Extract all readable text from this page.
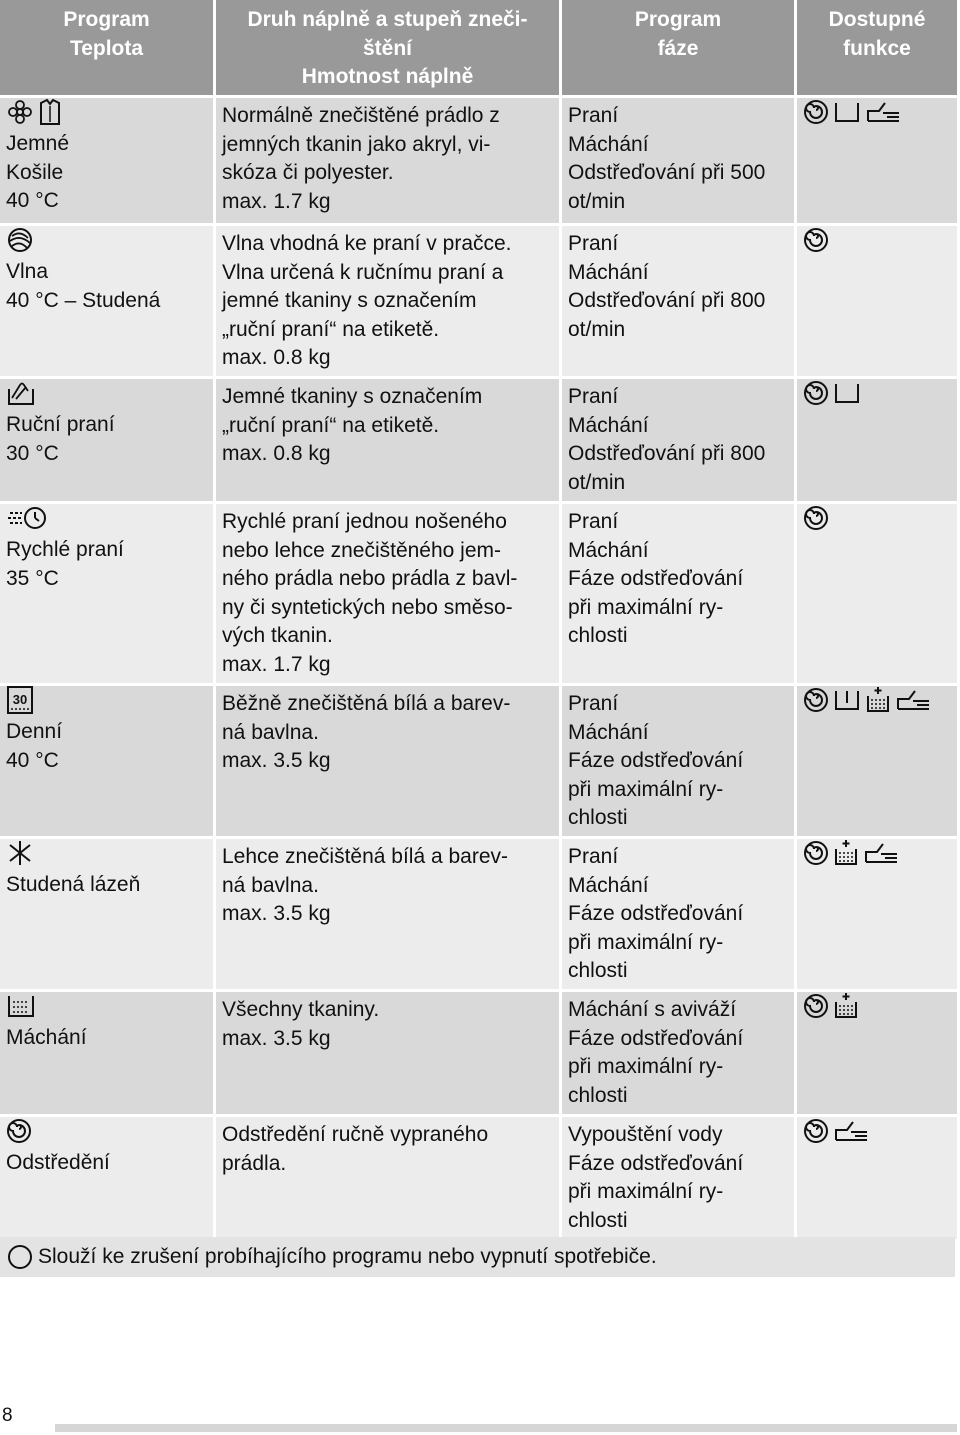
Program
Teplota
Druh náplně a stupeň zneči-
štění
Hmotnost náplně
Program
fáze
Dostupné
funkce
Jemné
Košile
40 °C
Normálně znečištěné prádlo z
jemných tkanin jako akryl, vi-
skóza či polyester.
max. 1.7 kg
Praní
Máchání
Odstřeďování při 500
ot/min
Vlna
40 °C – Studená
Vlna vhodná ke praní v pračce.
Vlna určená k ručnímu praní a
jemné tkaniny s označením
„ruční praní“ na etiketě.
max. 0.8 kg
Praní
Máchání
Odstřeďování při 800
ot/min
Ruční praní
30 °C
Jemné tkaniny s označením
„ruční praní“ na etiketě.
max. 0.8 kg
Praní
Máchání
Odstřeďování při 800
ot/min
Rychlé praní
35 °C
Rychlé praní jednou nošeného
nebo lehce znečištěného jem-
ného prádla nebo prádla z bavl-
ny či syntetických nebo směso-
vých tkanin.
max. 1.7 kg
Praní
Máchání
Fáze odstřeďování
při maximální ry-
chlosti
30
Denní
40 °C
Běžně znečištěná bílá a barev-
ná bavlna.
max. 3.5 kg
Praní
Máchání
Fáze odstřeďování
při maximální ry-
chlosti
Studená lázeň
Lehce znečištěná bílá a barev-
ná bavlna.
max. 3.5 kg
Praní
Máchání
Fáze odstřeďování
při maximální ry-
chlosti
Máchání
Všechny tkaniny.
max. 3.5 kg
Máchání s aviváží
Fáze odstřeďování
při maximální ry-
chlosti
Odstředění
Odstředění ručně vypraného
prádla.
Vypouštění vody
Fáze odstřeďování
při maximální ry-
chlosti
Slouží ke zrušení probíhajícího programu nebo vypnutí spotřebiče.
8
